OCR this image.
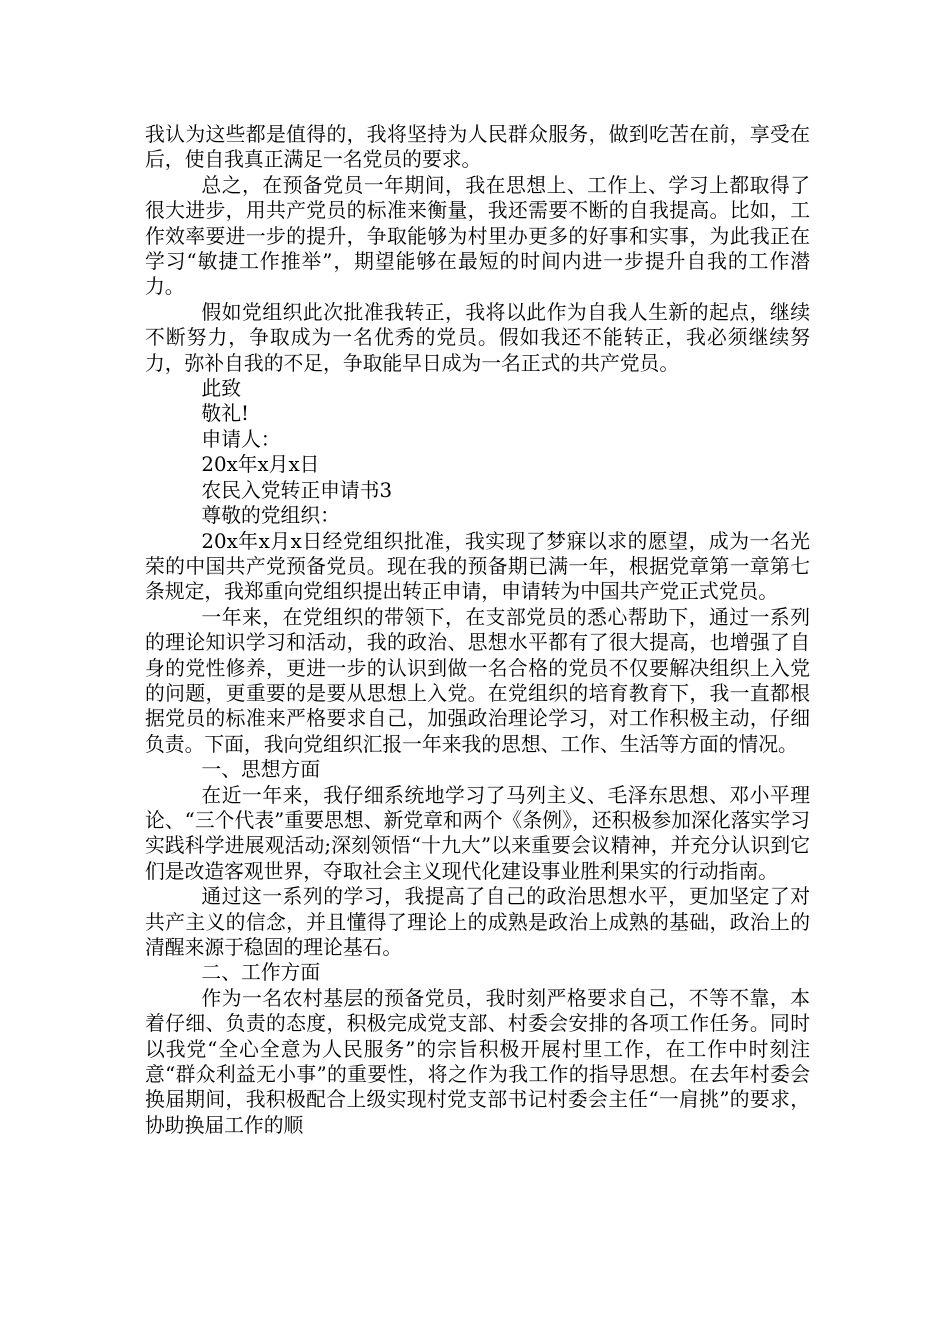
我认为这些都是值得的，我将坚持为人民群众服务，做到吃苦在前，享受在后，使自我真正满足一名党员的要求。

总之，在预备党员一年期间，我在思想上、工作上、学习上都取得了很大进步，用共产党员的标准来衡量，我还需要不断的自我提高。比如，工作效率要进一步的提升，争取能够为村里办更多的好事和实事，为此我正在学习“敏捷工作推举”，期望能够在最短的时间内进一步提升自我的工作潜力。

假如党组织此次批准我转正，我将以此作为自我人生新的起点，继续不断努力，争取成为一名优秀的党员。假如我还不能转正，我必须继续努力，弥补自我的不足，争取能早日成为一名正式的共产党员。

此致

敬礼!

申请人：

20x年x月x日

农民入党转正申请书3

尊敬的党组织：

20x年x月x日经党组织批准，我实现了梦寐以求的愿望，成为一名光荣的中国共产党预备党员。现在我的预备期已满一年，根据党章第一章第七条规定，我郑重向党组织提出转正申请，申请转为中国共产党正式党员。

一年来，在党组织的带领下，在支部党员的悉心帮助下，通过一系列的理论知识学习和活动，我的政治、思想水平都有了很大提高，也增强了自身的党性修养，更进一步的认识到做一名合格的党员不仅要解决组织上入党的问题，更重要的是要从思想上入党。在党组织的培育教育下，我一直都根据党员的标准来严格要求自己，加强政治理论学习，对工作积极主动，仔细负责。下面，我向党组织汇报一年来我的思想、工作、生活等方面的情况。

一、思想方面

在近一年来，我仔细系统地学习了马列主义、毛泽东思想、邓小平理论、“三个代表”重要思想、新党章和两个《条例》，还积极参加深化落实学习实践科学进展观活动;深刻领悟“十九大”以来重要会议精神，并充分认识到它们是改造客观世界，夺取社会主义现代化建设事业胜利果实的行动指南。

通过这一系列的学习，我提高了自己的政治思想水平，更加坚定了对共产主义的信念，并且懂得了理论上的成熟是政治上成熟的基础，政治上的清醒来源于稳固的理论基石。

二、工作方面

作为一名农村基层的预备党员，我时刻严格要求自己，不等不靠，本着仔细、负责的态度，积极完成党支部、村委会安排的各项工作任务。同时以我党“全心全意为人民服务”的宗旨积极开展村里工作，在工作中时刻注意“群众利益无小事”的重要性，将之作为我工作的指导思想。在去年村委会换届期间，我积极配合上级实现村党支部书记村委会主任“一肩挑”的要求，协助换届工作的顺
